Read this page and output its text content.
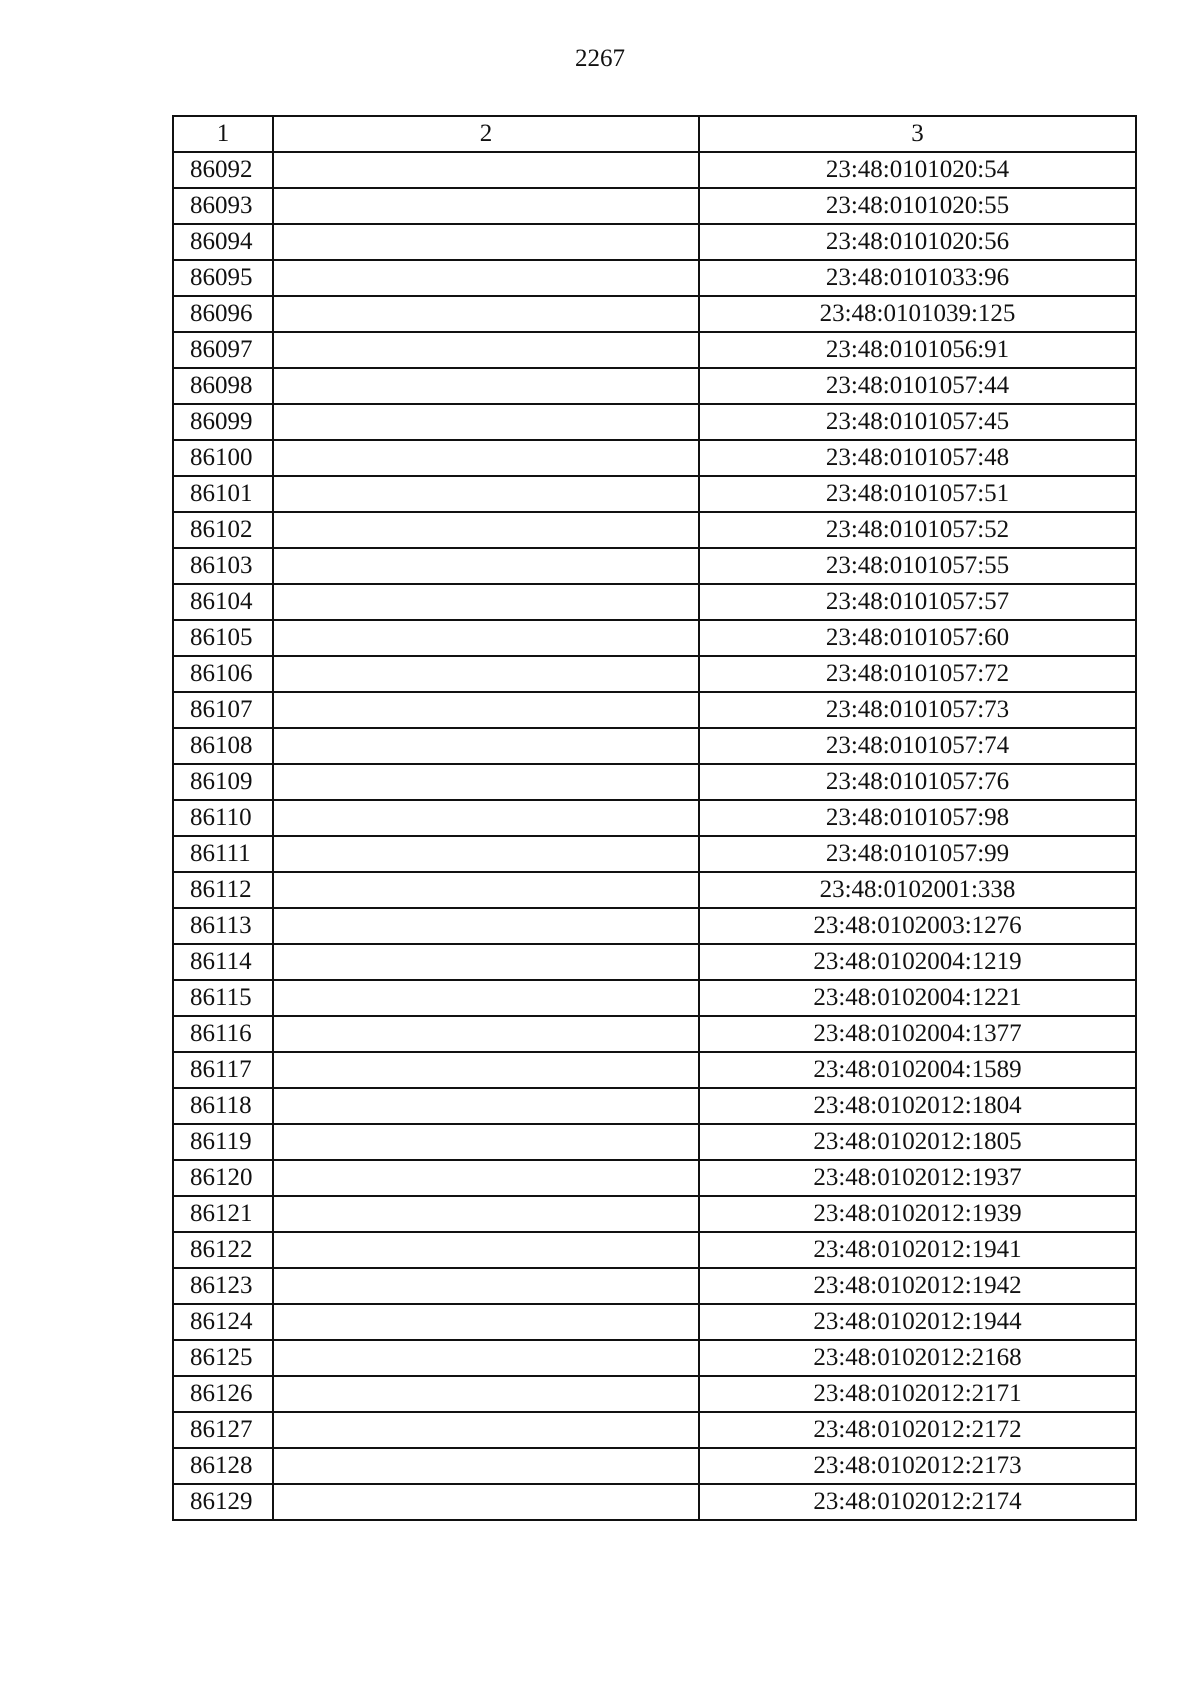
2267
1	2	3
86092		23:48:0101020:54
86093		23:48:0101020:55
86094		23:48:0101020:56
86095		23:48:0101033:96
86096		23:48:0101039:125
86097		23:48:0101056:91
86098		23:48:0101057:44
86099		23:48:0101057:45
86100		23:48:0101057:48
86101		23:48:0101057:51
86102		23:48:0101057:52
86103		23:48:0101057:55
86104		23:48:0101057:57
86105		23:48:0101057:60
86106		23:48:0101057:72
86107		23:48:0101057:73
86108		23:48:0101057:74
86109		23:48:0101057:76
86110		23:48:0101057:98
86111		23:48:0101057:99
86112		23:48:0102001:338
86113		23:48:0102003:1276
86114		23:48:0102004:1219
86115		23:48:0102004:1221
86116		23:48:0102004:1377
86117		23:48:0102004:1589
86118		23:48:0102012:1804
86119		23:48:0102012:1805
86120		23:48:0102012:1937
86121		23:48:0102012:1939
86122		23:48:0102012:1941
86123		23:48:0102012:1942
86124		23:48:0102012:1944
86125		23:48:0102012:2168
86126		23:48:0102012:2171
86127		23:48:0102012:2172
86128		23:48:0102012:2173
86129		23:48:0102012:2174
